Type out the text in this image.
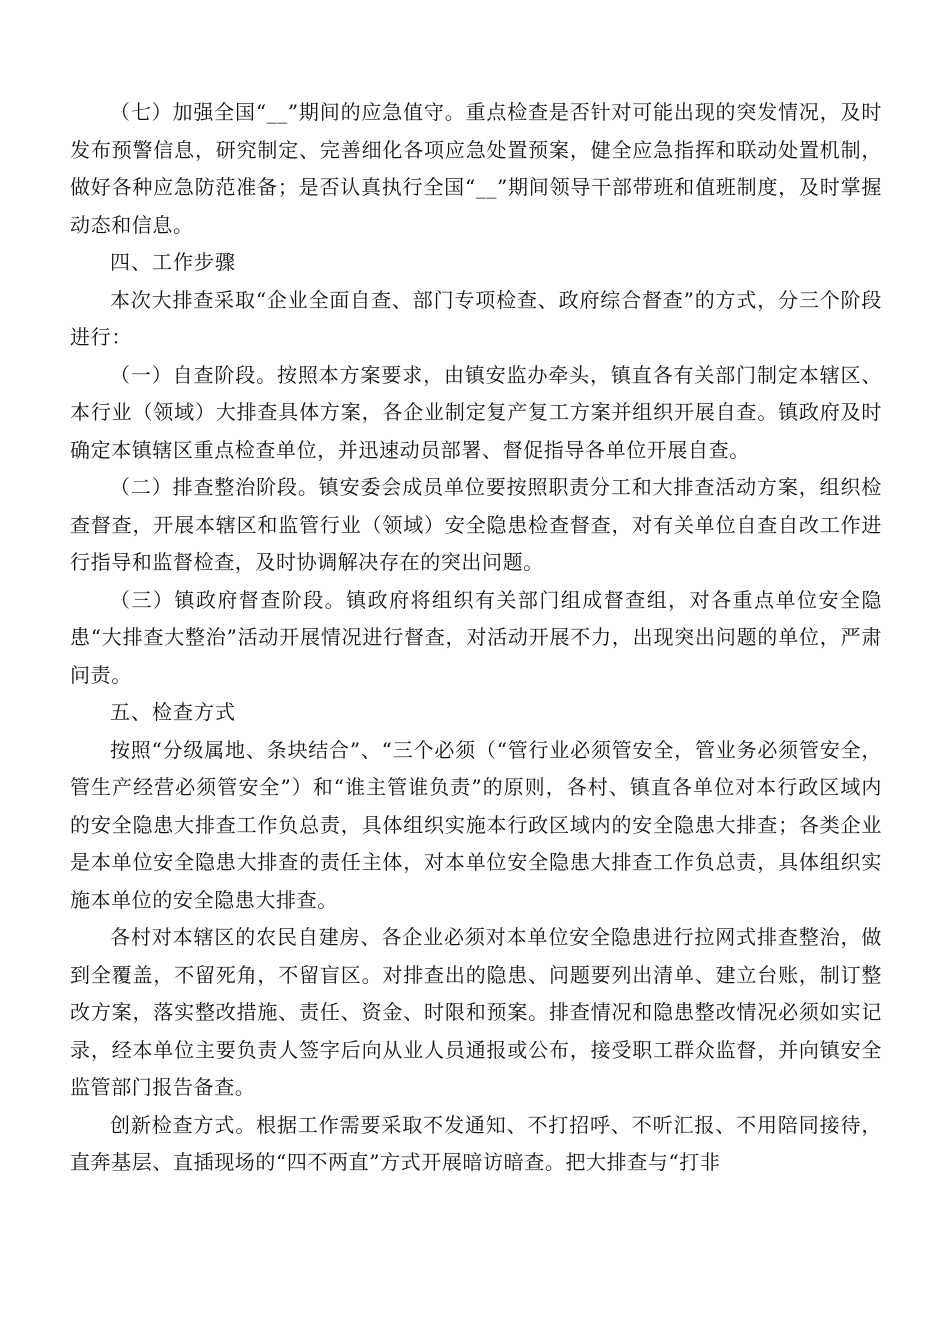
（七）加强全国“__”期间的应急值守。重点检查是否针对可能出现的突发情况，及时发布预警信息，研究制定、完善细化各项应急处置预案，健全应急指挥和联动处置机制，做好各种应急防范准备；是否认真执行全国“__”期间领导干部带班和值班制度，及时掌握动态和信息。

四、工作步骤

本次大排查采取“企业全面自查、部门专项检查、政府综合督查”的方式，分三个阶段进行：

（一）自查阶段。按照本方案要求，由镇安监办牵头，镇直各有关部门制定本辖区、本行业（领域）大排查具体方案，各企业制定复产复工方案并组织开展自查。镇政府及时确定本镇辖区重点检查单位，并迅速动员部署、督促指导各单位开展自查。

（二）排查整治阶段。镇安委会成员单位要按照职责分工和大排查活动方案，组织检查督查，开展本辖区和监管行业（领域）安全隐患检查督查，对有关单位自查自改工作进行指导和监督检查，及时协调解决存在的突出问题。

（三）镇政府督查阶段。镇政府将组织有关部门组成督查组，对各重点单位安全隐患“大排查大整治”活动开展情况进行督查，对活动开展不力，出现突出问题的单位，严肃问责。

五、检查方式

按照“分级属地、条块结合”、“三个必须（“管行业必须管安全，管业务必须管安全，管生产经营必须管安全”）和“谁主管谁负责”的原则，各村、镇直各单位对本行政区域内的安全隐患大排查工作负总责，具体组织实施本行政区域内的安全隐患大排查；各类企业是本单位安全隐患大排查的责任主体，对本单位安全隐患大排查工作负总责，具体组织实施本单位的安全隐患大排查。

各村对本辖区的农民自建房、各企业必须对本单位安全隐患进行拉网式排查整治，做到全覆盖，不留死角，不留盲区。对排查出的隐患、问题要列出清单、建立台账，制订整改方案，落实整改措施、责任、资金、时限和预案。排查情况和隐患整改情况必须如实记录，经本单位主要负责人签字后向从业人员通报或公布，接受职工群众监督，并向镇安全监管部门报告备查。

创新检查方式。根据工作需要采取不发通知、不打招呼、不听汇报、不用陪同接待，直奔基层、直插现场的“四不两直”方式开展暗访暗查。把大排查与“打非
